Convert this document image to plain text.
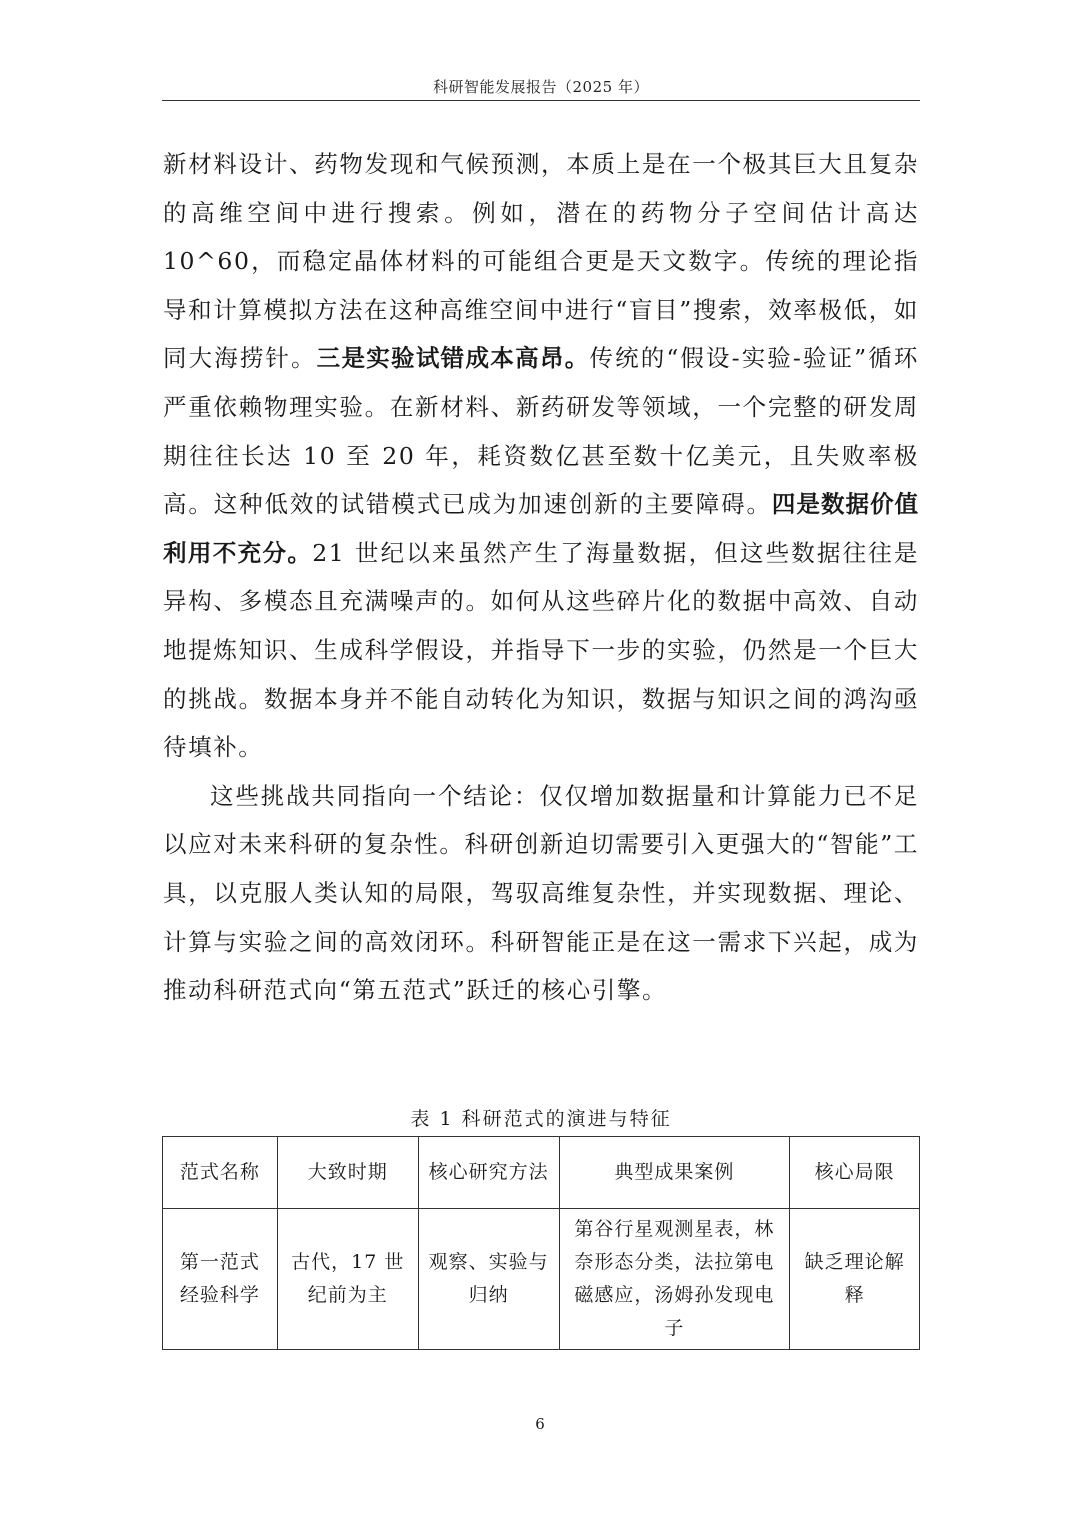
科研智能发展报告（2025 年）

新材料设计、药物发现和气候预测，本质上是在一个极其巨大且复杂的高维空间中进行搜索。例如，潜在的药物分子空间估计高达 10^60，而稳定晶体材料的可能组合更是天文数字。传统的理论指导和计算模拟方法在这种高维空间中进行“盲目”搜索，效率极低，如同大海捞针。三是实验试错成本高昂。传统的“假设-实验-验证”循环严重依赖物理实验。在新材料、新药研发等领域，一个完整的研发周期往往长达 10 至 20 年，耗资数亿甚至数十亿美元，且失败率极高。这种低效的试错模式已成为加速创新的主要障碍。四是数据价值利用不充分。21 世纪以来虽然产生了海量数据，但这些数据往往是异构、多模态且充满噪声的。如何从这些碎片化的数据中高效、自动地提炼知识、生成科学假设，并指导下一步的实验，仍然是一个巨大的挑战。数据本身并不能自动转化为知识，数据与知识之间的鸿沟亟待填补。

这些挑战共同指向一个结论：仅仅增加数据量和计算能力已不足以应对未来科研的复杂性。科研创新迫切需要引入更强大的“智能”工具，以克服人类认知的局限，驾驭高维复杂性，并实现数据、理论、计算与实验之间的高效闭环。科研智能正是在这一需求下兴起，成为推动科研范式向“第五范式”跃迁的核心引擎。

表 1 科研范式的演进与特征
范式名称	大致时期	核心研究方法	典型成果案例	核心局限
第一范式经验科学	古代，17 世纪前为主	观察、实验与归纳	第谷行星观测星表，林奈形态分类，法拉第电磁感应，汤姆孙发现电子	缺乏理论解释
6
